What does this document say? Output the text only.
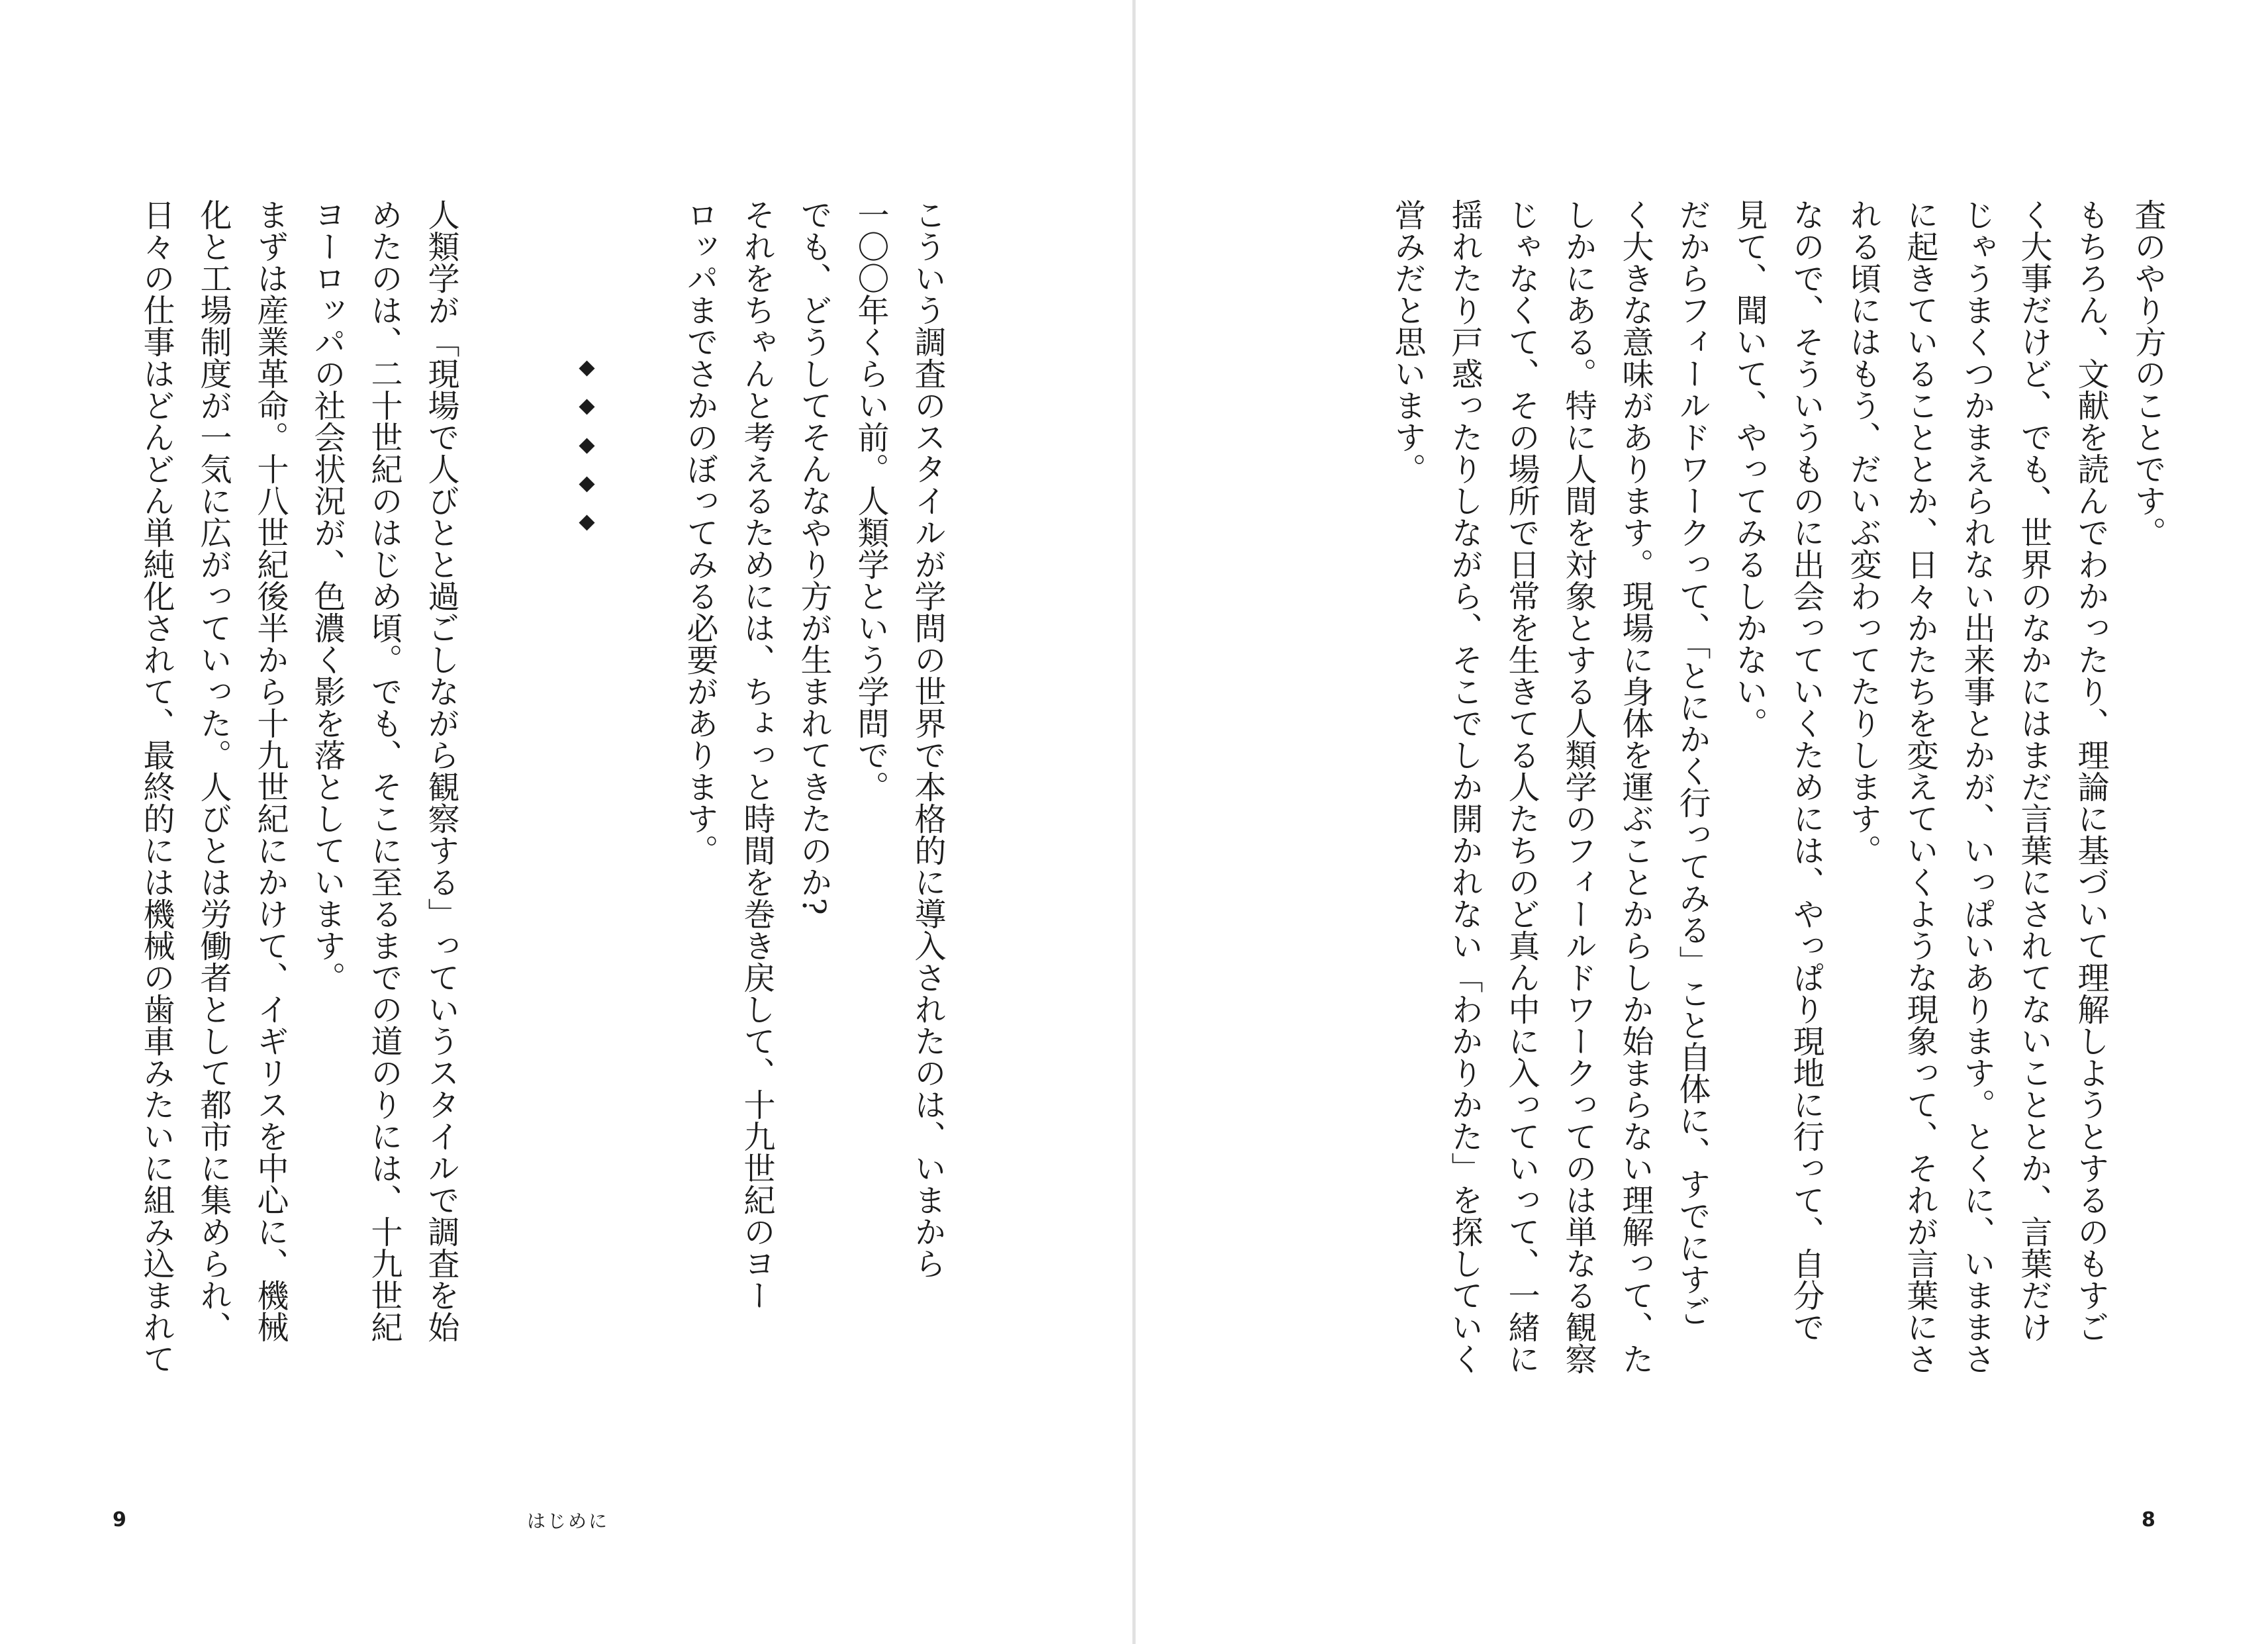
こういう調査のスタイルが学問の世界で本格的に導入されたのは、いまから

一〇〇年くらい前。人類学という学問で。

でも、どうしてそんなやり方が生まれてきたのか?

それをちゃんと考えるためには、ちょっと時間を巻き戻して、十九世紀のヨー

ロッパまでさかのぼってみる必要があります。

人類学が「現場で人びとと過ごしながら観察する」っていうスタイルで調査を始

めたのは、二十世紀のはじめ頃。でも、そこに至るまでの道のりには、十九世紀

ヨーロッパの社会状況が、色濃く影を落としています。

まずは産業革命。十八世紀後半から十九世紀にかけて、イギリスを中心に、機械

化と工場制度が一気に広がっていった。人びとは労働者として都市に集められ、

日々の仕事はどんどん単純化されて、最終的には機械の歯車みたいに組み込まれて

9	はじめに

査のやり方のことです。

もちろん、文献を読んでわかったり、理論に基づいて理解しようとするのもすご

く大事だけど、でも、世界のなかにはまだ言葉にされてないこととか、言葉だけ

じゃうまくつかまえられない出来事とかが、いっぱいあります。とくに、いままさ

に起きていることとか、日々かたちを変えていくような現象って、それが言葉にさ

れる頃にはもう、だいぶ変わってたりします。

なので、そういうものに出会っていくためには、やっぱり現地に行って、自分で

見て、聞いて、やってみるしかない。

だからフィールドワークって、「とにかく行ってみる」こと自体に、すでにすご

く大きな意味があります。現場に身体を運ぶことからしか始まらない理解って、た

しかにある。特に人間を対象とする人類学のフィールドワークってのは単なる観察

じゃなくて、その場所で日常を生きてる人たちのど真ん中に入っていって、一緒に

揺れたり戸惑ったりしながら、そこでしか開かれない「わかりかた」を探していく

営みだと思います。

8
